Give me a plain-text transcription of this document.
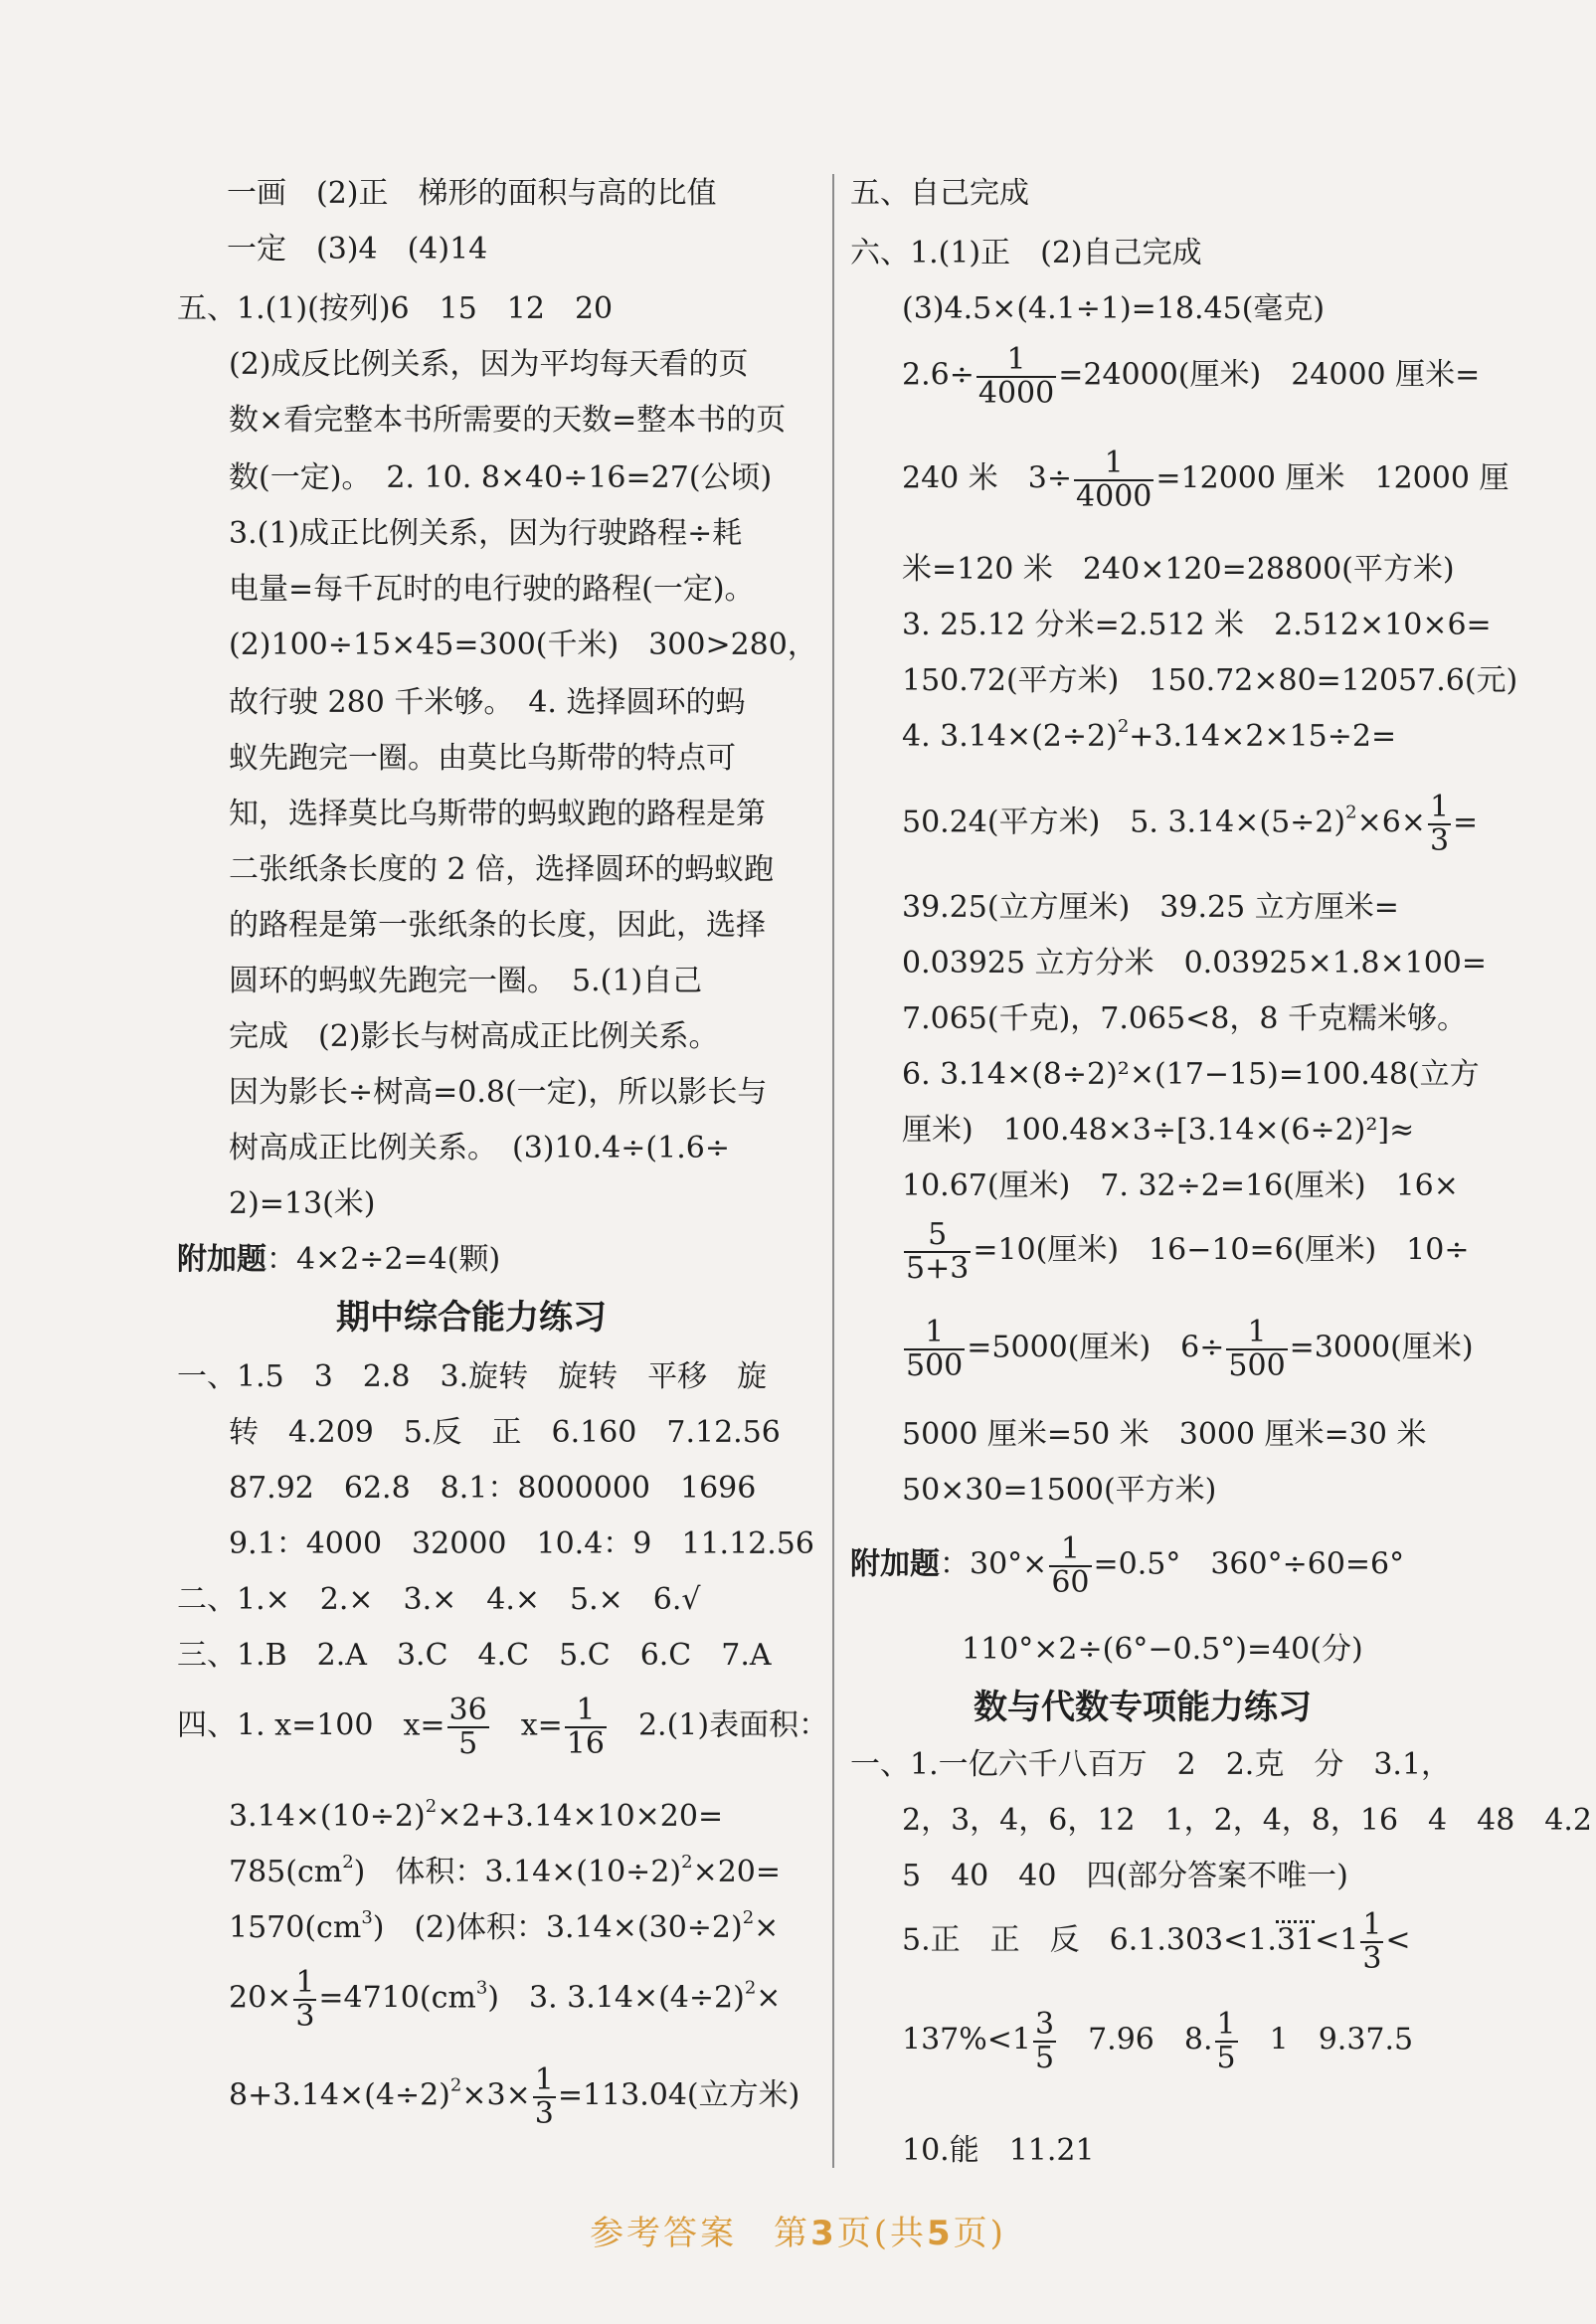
一画　(2)正　梯形的面积与高的比值
一定　(3)4　(4)14
五、1.(1)(按列)6　15　12　20
(2)成反比例关系，因为平均每天看的页
数×看完整本书所需要的天数=整本书的页
数(一定)。　2. 10. 8×40÷16=27(公顷)
3.(1)成正比例关系，因为行驶路程÷耗
电量=每千瓦时的电行驶的路程(一定)。
(2)100÷15×45=300(千米)　300>280，
故行驶 280 千米够。　4. 选择圆环的蚂
蚁先跑完一圈。由莫比乌斯带的特点可
知，选择莫比乌斯带的蚂蚁跑的路程是第
二张纸条长度的 2 倍，选择圆环的蚂蚁跑
的路程是第一张纸条的长度，因此，选择
圆环的蚂蚁先跑完一圈。　5.(1)自己
完成　(2)影长与树高成正比例关系。
因为影长÷树高=0.8(一定)，所以影长与
树高成正比例关系。　(3)10.4÷(1.6÷
2)=13(米)
附加题：4×2÷2=4(颗)
期中综合能力练习
一、1.5　3　2.8　3.旋转　旋转　平移　旋
转　4.209　5.反　正　6.160　7.12.56
87.92　62.8　8.1：8000000　1696
9.1：4000　32000　10.4：9　11.12.56
二、1.×　2.×　3.×　4.×　5.×　6.√
三、1.B　2.A　3.C　4.C　5.C　6.C　7.A
四、1. x=100　$x= \frac{36}{5}$
　 $x= \frac{1}{16}$
　 2.(1)表面积：
$3.14\times(10\div 2)^2\times 2+3.14\times 10\times 20=$
$785(cm^2)$　体积：$3.14\times(10\div 2)^2\times 20=$
$1570(cm^3)$　(2)体积：$3.14\times(30\div 2)^2\times$
$20\times \frac{1}{3} =4710(cm^3)$　3. $3.14\times(4\div 2)^2\times$
$8+3.14\times(4\div 2)^2\times 3\times \frac{1}{3} =113.04$(立方米)
五、自己完成
六、1.(1)正　(2)自己完成
(3)4.5×(4.1÷1)=18.45(毫克)
$2.6\div \frac{1}{4000} =24000$(厘米)　24000 厘米=
240 米　$3\div \frac{1}{4000} =12000$ 厘米　12000 厘
米=120 米　240×120=28800(平方米)
3. 25.12 分米=2.512 米　2.512×10×6=
150.72(平方米)　150.72×80=12057.6(元)
4. $3.14\times(2\div 2)^2+3.14\times 2\times 15\div 2=$
50.24(平方米)　5. $3.14\times(5\div 2)^2\times 6\times \frac{1}{3}$ =
39.25(立方厘米)　39.25 立方厘米=
0.03925 立方分米　0.03925×1.8×100=
7.065(千克)，7.065<8，8 千克糯米够。
6. 3.14×(8÷2)²×(17−15)=100.48(立方
厘米)　100.48×3÷[3.14×(6÷2)²]≈
10.67(厘米)　7. 32÷2=16(厘米)　16×
$\frac{5}{5+3} =10$(厘米)　16−10=6(厘米)　10÷
$\frac{1}{500} =5000$(厘米)　$6\div \frac{1}{500} =3000$(厘米)
5000 厘米=50 米　3000 厘米=30 米
50×30=1500(平方米)
附加题：$30^\circ\times \frac{1}{60} =0.5^\circ$　360°÷60=6°
110°×2÷(6°−0.5°)=40(分)
数与代数专项能力练习
一、1.一亿六千八百万　2　2.克　分　3.1，
2，3，4，6，12　1，2，4，8，16　4　48　4.2
5　40　40　四(部分答案不唯一)
5.正　正　反　$6.1.303<1.31<1 \frac{1}{3}$ <
$137\%<1 \frac{3}{5}$
　 7.96　8. $\frac{1}{5}$
　 1　9.37.5
10.能　11.21
参考答案　第3页(共5页)
